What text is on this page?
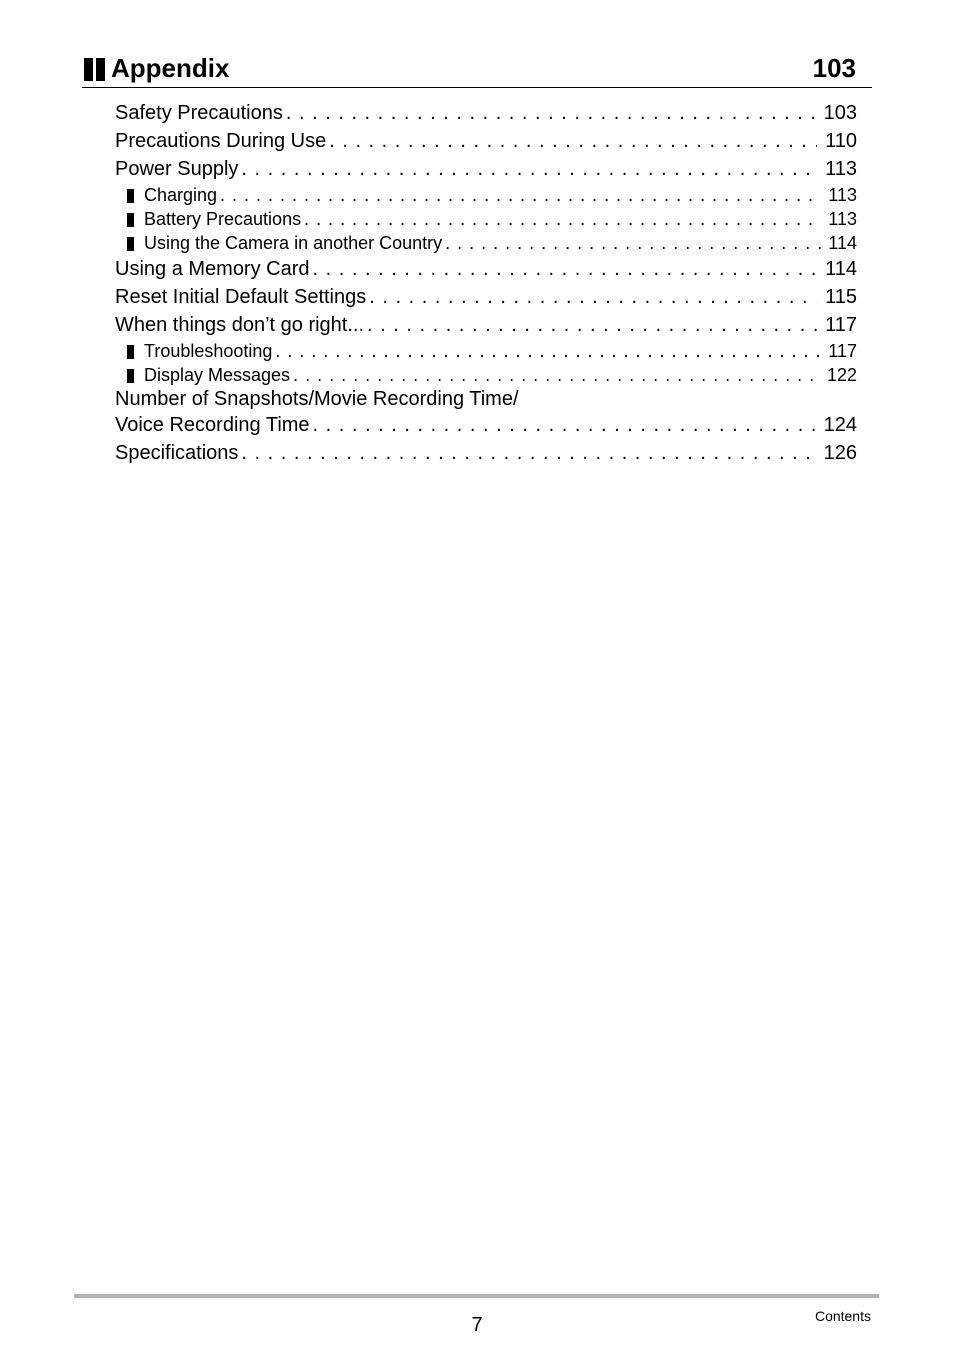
Appendix	103
Safety Precautions . . .	103
Precautions During Use . . .	110
Power Supply . . .	113
Charging . . .	113
Battery Precautions . . .	113
Using the Camera in another Country . . .	114
Using a Memory Card . . .	114
Reset Initial Default Settings . . .	115
When things don’t go right... . . .	117
Troubleshooting . . .	117
Display Messages . . .	122
Number of Snapshots/Movie Recording Time/
Voice Recording Time . . .	124
Specifications . . .	126
7	Contents
